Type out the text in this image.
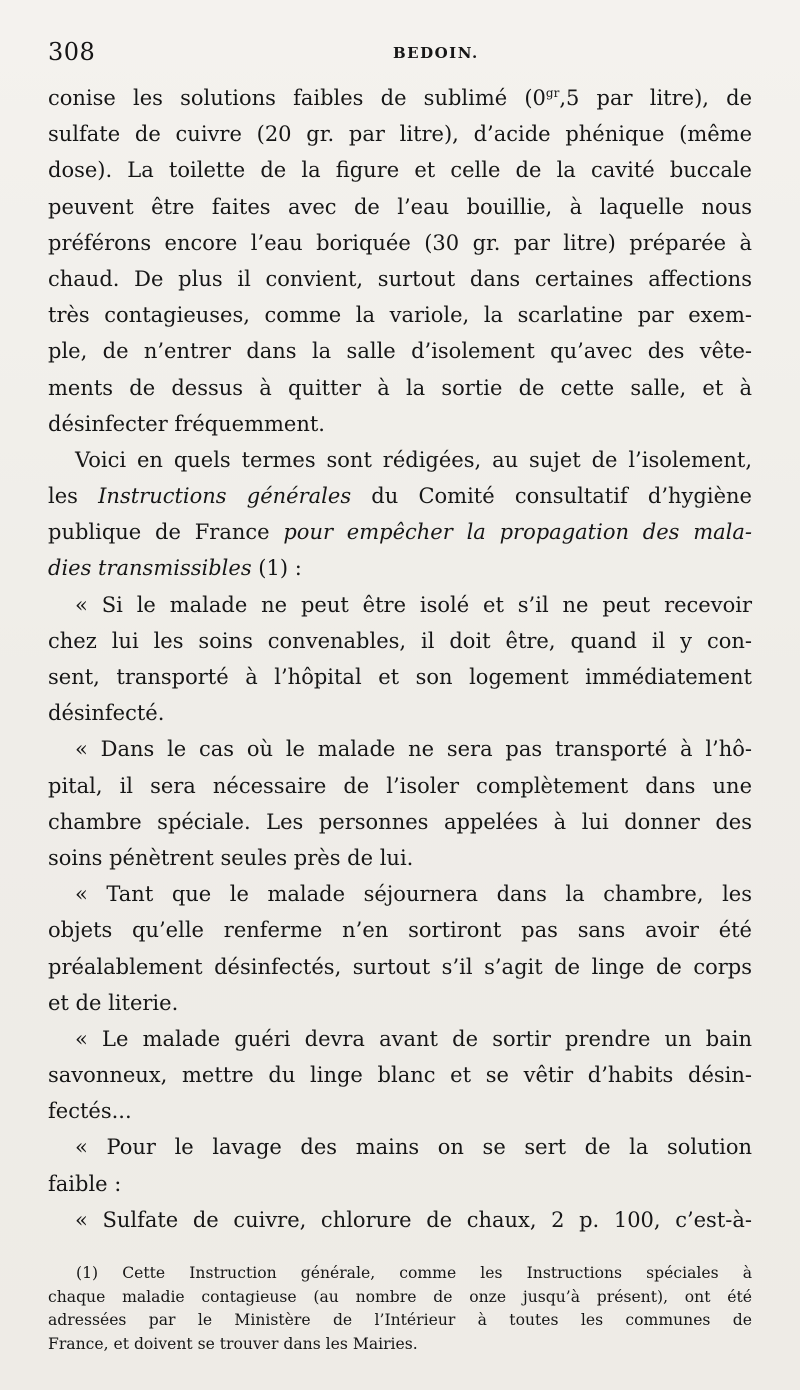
308	BEDOIN.
conise les solutions faibles de sublimé ($0^{gr},5$ par litre), de
sulfate de cuivre (20 gr. par litre), d’acide phénique (même
dose). La toilette de la figure et celle de la cavité buccale
peuvent être faites avec de l’eau bouillie, à laquelle nous
préférons encore l’eau boriquée (30 gr. par litre) préparée à
chaud. De plus il convient, surtout dans certaines affections
très contagieuses, comme la variole, la scarlatine par exem-
ple, de n’entrer dans la salle d’isolement qu’avec des vête-
ments de dessus à quitter à la sortie de cette salle, et à
désinfecter fréquemment.
Voici en quels termes sont rédigées, au sujet de l’isolement,
les Instructions générales du Comité consultatif d’hygiène
publique de France pour empêcher la propagation des mala-
dies transmissibles (1) :
« Si le malade ne peut être isolé et s’il ne peut recevoir
chez lui les soins convenables, il doit être, quand il y con-
sent, transporté à l’hôpital et son logement immédiatement
désinfecté.
« Dans le cas où le malade ne sera pas transporté à l’hô-
pital, il sera nécessaire de l’isoler complètement dans une
chambre spéciale. Les personnes appelées à lui donner des
soins pénètrent seules près de lui.
« Tant que le malade séjournera dans la chambre, les
objets qu’elle renferme n’en sortiront pas sans avoir été
préalablement désinfectés, surtout s’il s’agit de linge de corps
et de literie.
« Le malade guéri devra avant de sortir prendre un bain
savonneux, mettre du linge blanc et se vêtir d’habits désin-
fectés...
« Pour le lavage des mains on se sert de la solution
faible :
« Sulfate de cuivre, chlorure de chaux, 2 p. 100, c’est-à-
(1) Cette Instruction générale, comme les Instructions spéciales à
chaque maladie contagieuse (au nombre de onze jusqu’à présent), ont été
adressées par le Ministère de l’Intérieur à toutes les communes de
France, et doivent se trouver dans les Mairies.
